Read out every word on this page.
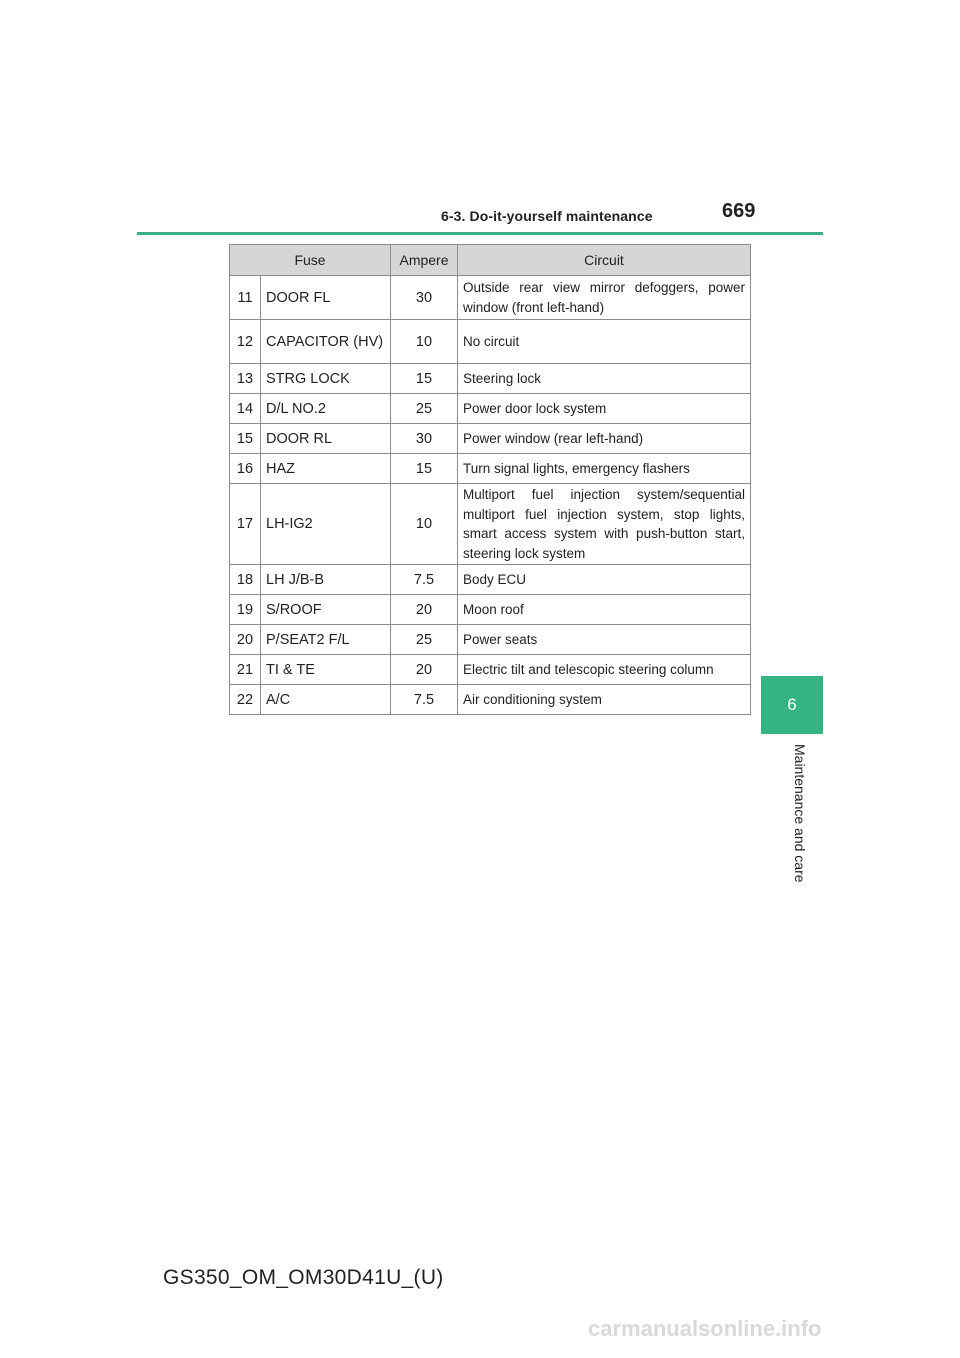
6-3. Do-it-yourself maintenance	669
6
Maintenance and care
Fuse		Ampere	Circuit
11	DOOR FL	30	Outside rear view mirror defoggers, power window (front left-hand)
12	CAPACITOR (HV)	10	No circuit
13	STRG LOCK	15	Steering lock
14	D/L NO.2	25	Power door lock system
15	DOOR RL	30	Power window (rear left-hand)
16	HAZ	15	Turn signal lights, emergency flashers
17	LH-IG2	10	Multiport fuel injection system/sequential multiport fuel injection system, stop lights, smart access system with push-button start, steering lock system
18	LH J/B-B	7.5	Body ECU
19	S/ROOF	20	Moon roof
20	P/SEAT2 F/L	25	Power seats
21	TI & TE	20	Electric tilt and telescopic steering column
22	A/C	7.5	Air conditioning system
GS350_OM_OM30D41U_(U)
carmanualsonline.info
